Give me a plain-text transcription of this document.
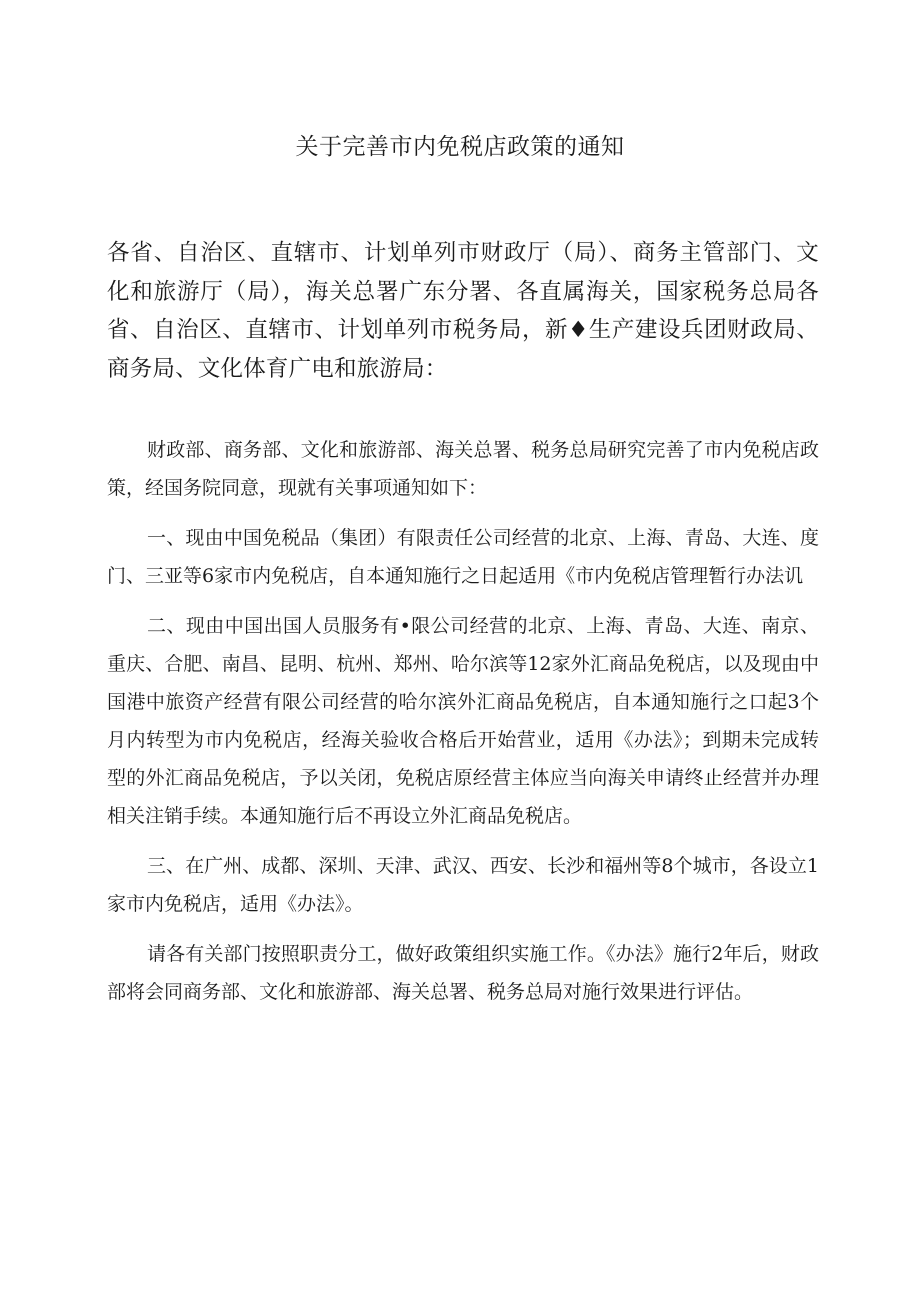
关于完善市内免税店政策的通知

各省、自治区、直辖市、计划单列市财政厅（局）、商务主管部门、文化和旅游厅（局），海关总署广东分署、各直属海关，国家税务总局各省、自治区、直辖市、计划单列市税务局，新♦生产建设兵团财政局、商务局、文化体育广电和旅游局：

财政部、商务部、文化和旅游部、海关总署、税务总局研究完善了市内免税店政策，经国务院同意，现就有关事项通知如下：

一、现由中国免税品（集团）有限责任公司经营的北京、上海、青岛、大连、度门、三亚等6家市内免税店，自本通知施行之日起适用《市内免税店管理暂行办法讥

二、现由中国出国人员服务有•限公司经营的北京、上海、青岛、大连、南京、重庆、合肥、南昌、昆明、杭州、郑州、哈尔滨等12家外汇商品免税店，以及现由中国港中旅资产经营有限公司经营的哈尔滨外汇商品免税店，自本通知施行之口起3个月内转型为市内免税店，经海关验收合格后开始营业，适用《办法》；到期未完成转型的外汇商品免税店，予以关闭，免税店原经营主体应当向海关申请终止经营并办理相关注销手续。本通知施行后不再设立外汇商品免税店。

三、在广州、成都、深圳、天津、武汉、西安、长沙和福州等8个城市，各设立1家市内免税店，适用《办法》。

请各有关部门按照职责分工，做好政策组织实施工作。《办法》施行2年后，财政部将会同商务部、文化和旅游部、海关总署、税务总局对施行效果进行评估。
